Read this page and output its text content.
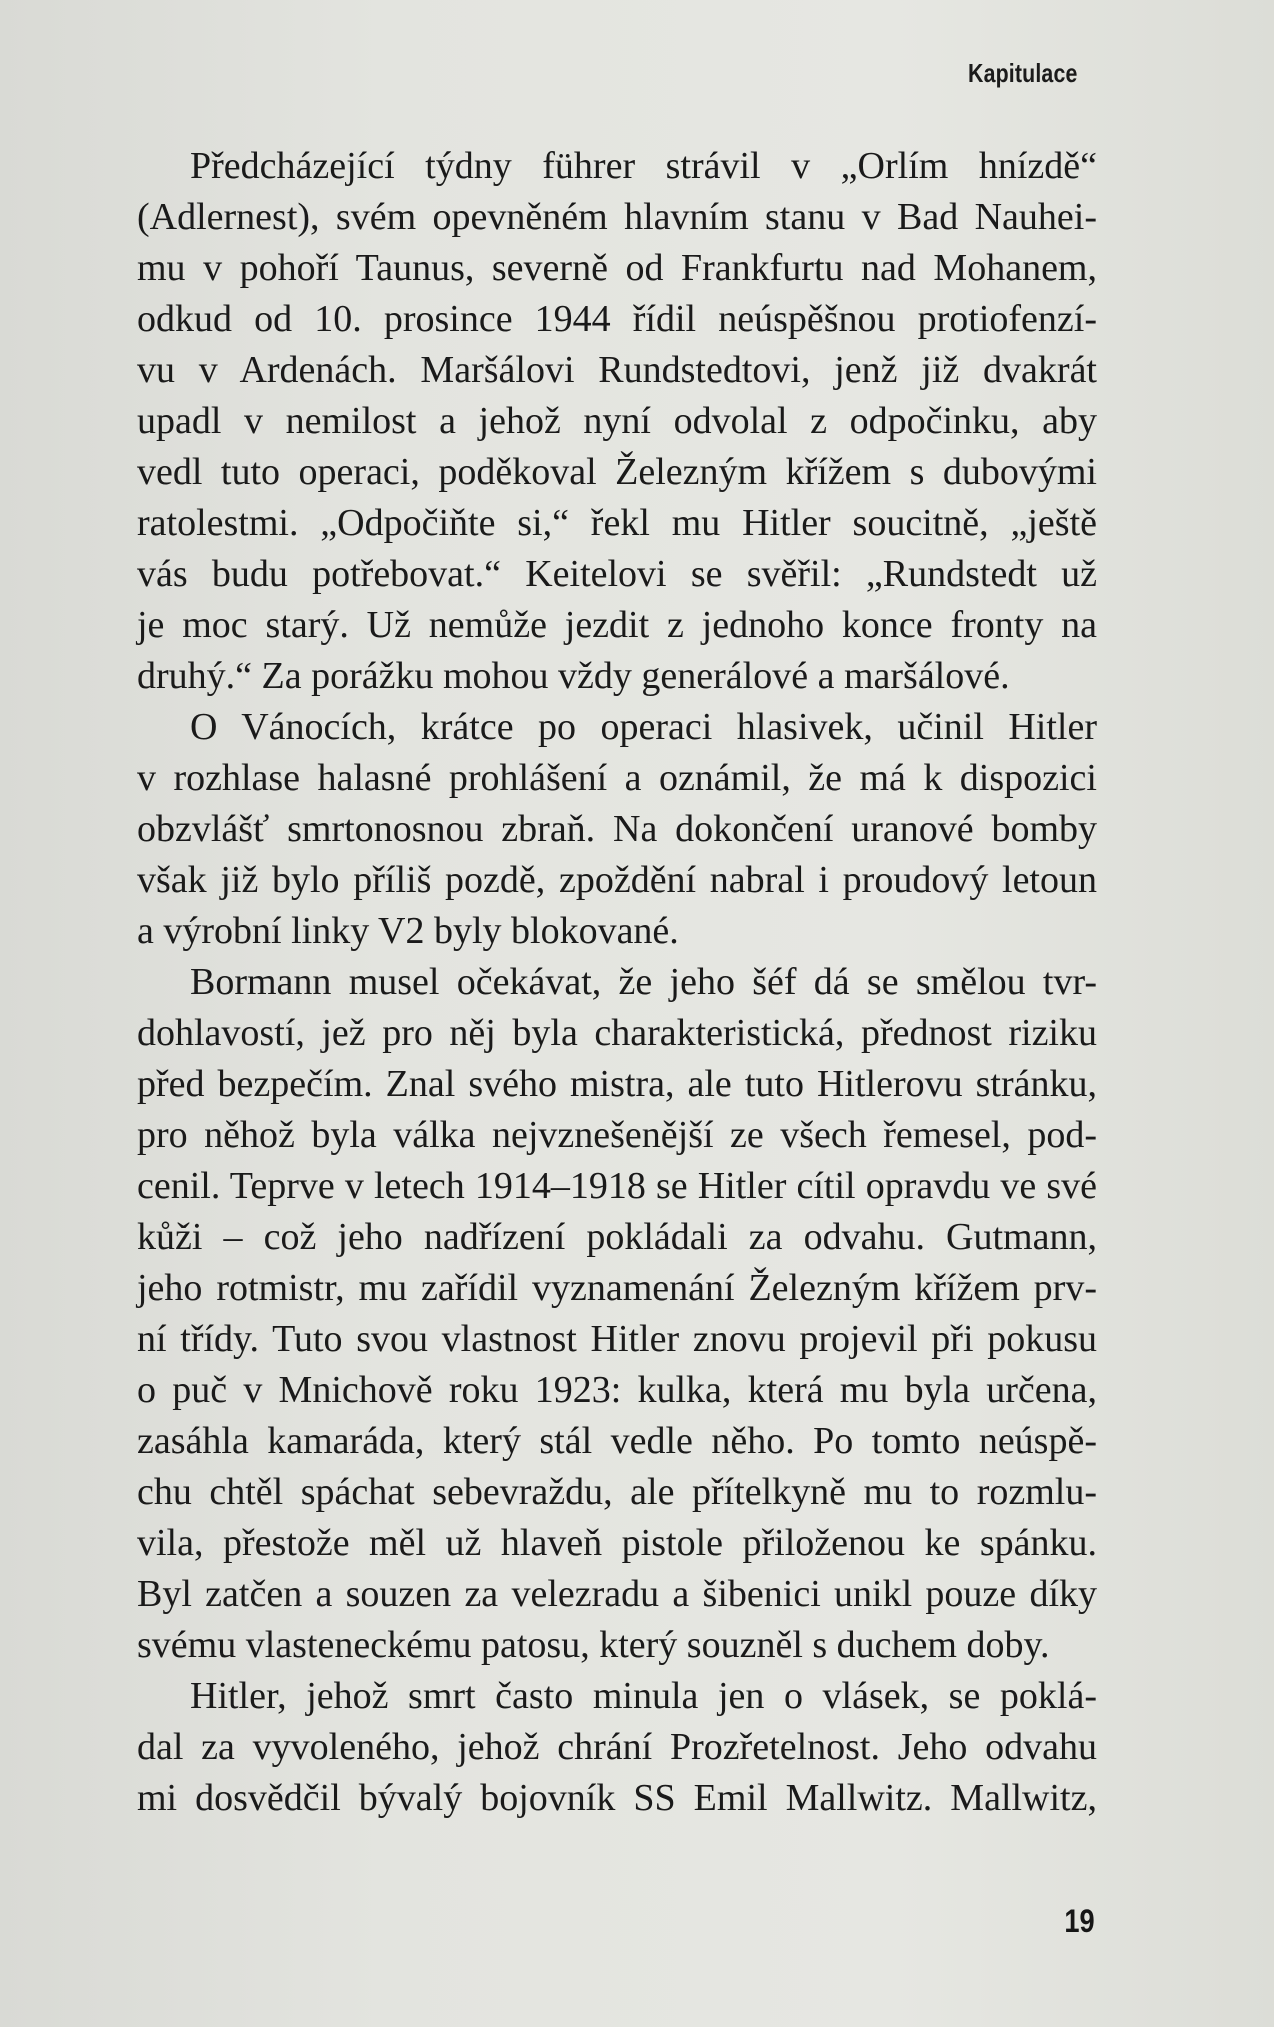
Kapitulace
Předcházející týdny führer strávil v „Orlím hnízdě“
(Adlernest), svém opevněném hlavním stanu v Bad Nauhei-
mu v pohoří Taunus, severně od Frankfurtu nad Mohanem,
odkud od 10. prosince 1944 řídil neúspěšnou protiofenzí-
vu v Ardenách. Maršálovi Rundstedtovi, jenž již dvakrát
upadl v nemilost a jehož nyní odvolal z odpočinku, aby
vedl tuto operaci, poděkoval Železným křížem s dubovými
ratolestmi. „Odpočiňte si,“ řekl mu Hitler soucitně, „ještě
vás budu potřebovat.“ Keitelovi se svěřil: „Rundstedt už
je moc starý. Už nemůže jezdit z jednoho konce fronty na
druhý.“ Za porážku mohou vždy generálové a maršálové.
O Vánocích, krátce po operaci hlasivek, učinil Hitler
v rozhlase halasné prohlášení a oznámil, že má k dispozici
obzvlášť smrtonosnou zbraň. Na dokončení uranové bomby
však již bylo příliš pozdě, zpoždění nabral i proudový letoun
a výrobní linky V2 byly blokované.
Bormann musel očekávat, že jeho šéf dá se smělou tvr-
dohlavostí, jež pro něj byla charakteristická, přednost riziku
před bezpečím. Znal svého mistra, ale tuto Hitlerovu stránku,
pro něhož byla válka nejvznešenější ze všech řemesel, pod-
cenil. Teprve v letech 1914–1918 se Hitler cítil opravdu ve své
kůži – což jeho nadřízení pokládali za odvahu. Gutmann,
jeho rotmistr, mu zařídil vyznamenání Železným křížem prv-
ní třídy. Tuto svou vlastnost Hitler znovu projevil při pokusu
o puč v Mnichově roku 1923: kulka, která mu byla určena,
zasáhla kamaráda, který stál vedle něho. Po tomto neúspě-
chu chtěl spáchat sebevraždu, ale přítelkyně mu to rozmlu-
vila, přestože měl už hlaveň pistole přiloženou ke spánku.
Byl zatčen a souzen za velezradu a šibenici unikl pouze díky
svému vlasteneckému patosu, který souzněl s duchem doby.
Hitler, jehož smrt často minula jen o vlásek, se poklá-
dal za vyvoleného, jehož chrání Prozřetelnost. Jeho odvahu
mi dosvědčil bývalý bojovník SS Emil Mallwitz. Mallwitz,
19
